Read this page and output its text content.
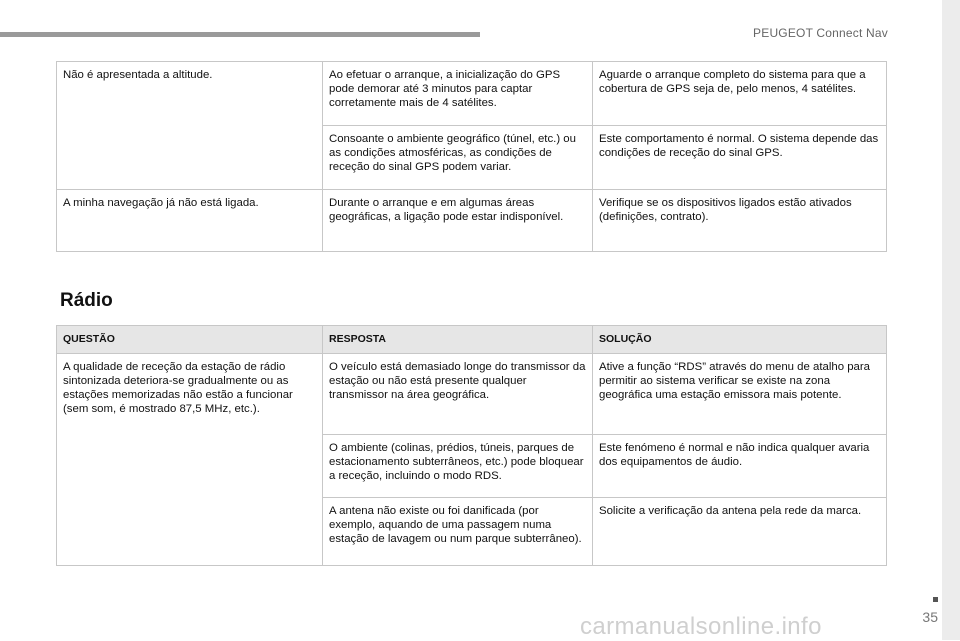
PEUGEOT Connect Nav
Não é apresentada a altitude.	Ao efetuar o arranque, a inicialização do GPS pode demorar até 3 minutos para captar corretamente mais de 4 satélites.	Aguarde o arranque completo do sistema para que a cobertura de GPS seja de, pelo menos, 4 satélites.
	Consoante o ambiente geográfico (túnel, etc.) ou as condições atmosféricas, as condições de receção do sinal GPS podem variar.	Este comportamento é normal. O sistema depende das condições de receção do sinal GPS.
A minha navegação já não está ligada.	Durante o arranque e em algumas áreas geográficas, a ligação pode estar indisponível.	Verifique se os dispositivos ligados estão ativados (definições, contrato).
Rádio
QUESTÃO	RESPOSTA	SOLUÇÃO
A qualidade de receção da estação de rádio sintonizada deteriora-se gradualmente ou as estações memorizadas não estão a funcionar (sem som, é mostrado 87,5 MHz, etc.).	O veículo está demasiado longe do transmissor da estação ou não está presente qualquer transmissor na área geográfica.	Ative a função “RDS” através do menu de atalho para permitir ao sistema verificar se existe na zona geográfica uma estação emissora mais potente.
	O ambiente (colinas, prédios, túneis, parques de estacionamento subterrâneos, etc.) pode bloquear a receção, incluindo o modo RDS.	Este fenómeno é normal e não indica qualquer avaria dos equipamentos de áudio.
	A antena não existe ou foi danificada (por exemplo, aquando de uma passagem numa estação de lavagem ou num parque subterrâneo).	Solicite a verificação da antena pela rede da marca.
35
carmanualsonline.info
